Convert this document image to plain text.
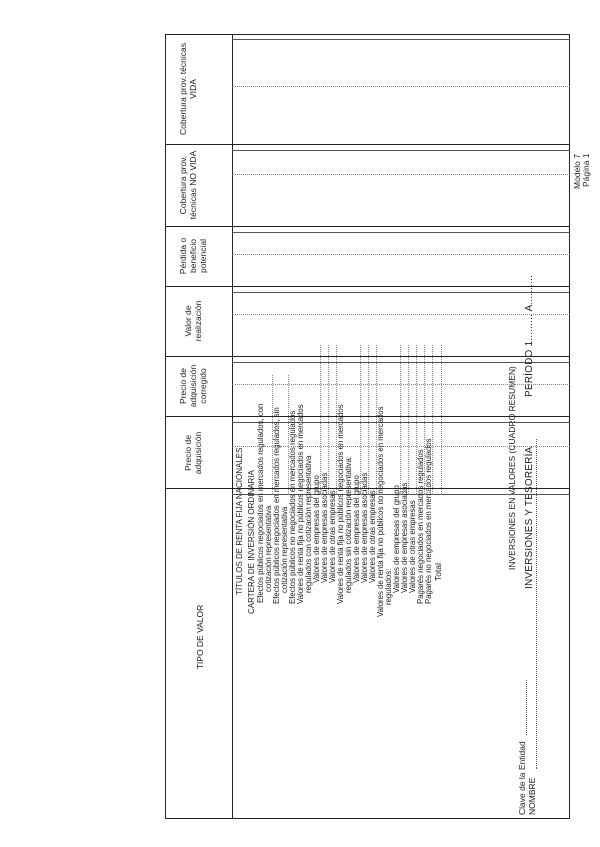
Clave de la Entidad NOMBRE
Modelo 7 Página 1
INVERSIONES Y TESORERÍA
PERÍODO 1......... A..........
INVERSIONES EN VALORES (CUADRO RESUMEN)
TIPO DE VALOR
Precio de adquisición
Precio de adquisición corregido
Valor de realización
Pérdida o beneficio potencial
Cobertura prov. técnicas NO VIDA
Cobertura prov. técnicas VIDA
TÍTULOS DE RENTA FIJA NACIONALES CARTERA DE INVERSIÓN ORDINARIA Efectos públicos negociados en mercados regulados, con cotización representativa Efectos públicos negociados en mercados regulados, sin cotización representativa Efectos públicos no negociados en mercados regulados Valores de renta fija no públicos negociados en mercados regulados con cotización representativa Valores de empresas del grupo Valores de empresas asociadas Valores de otras empresas Valores de renta fija no públicos negociados en mercados regulados sin cotización representativa: Valores de empresas del grupo Valores de empresas asociadas Valores de otras empresas Valores de renta fija no públicos no negociados en mercados regulados: Valores de empresas del grupo Valores de empresas asociadas Valores de otras empresas Pagarés negociados en mercados regulados Pagarés no negociados en mercados regulados Total
